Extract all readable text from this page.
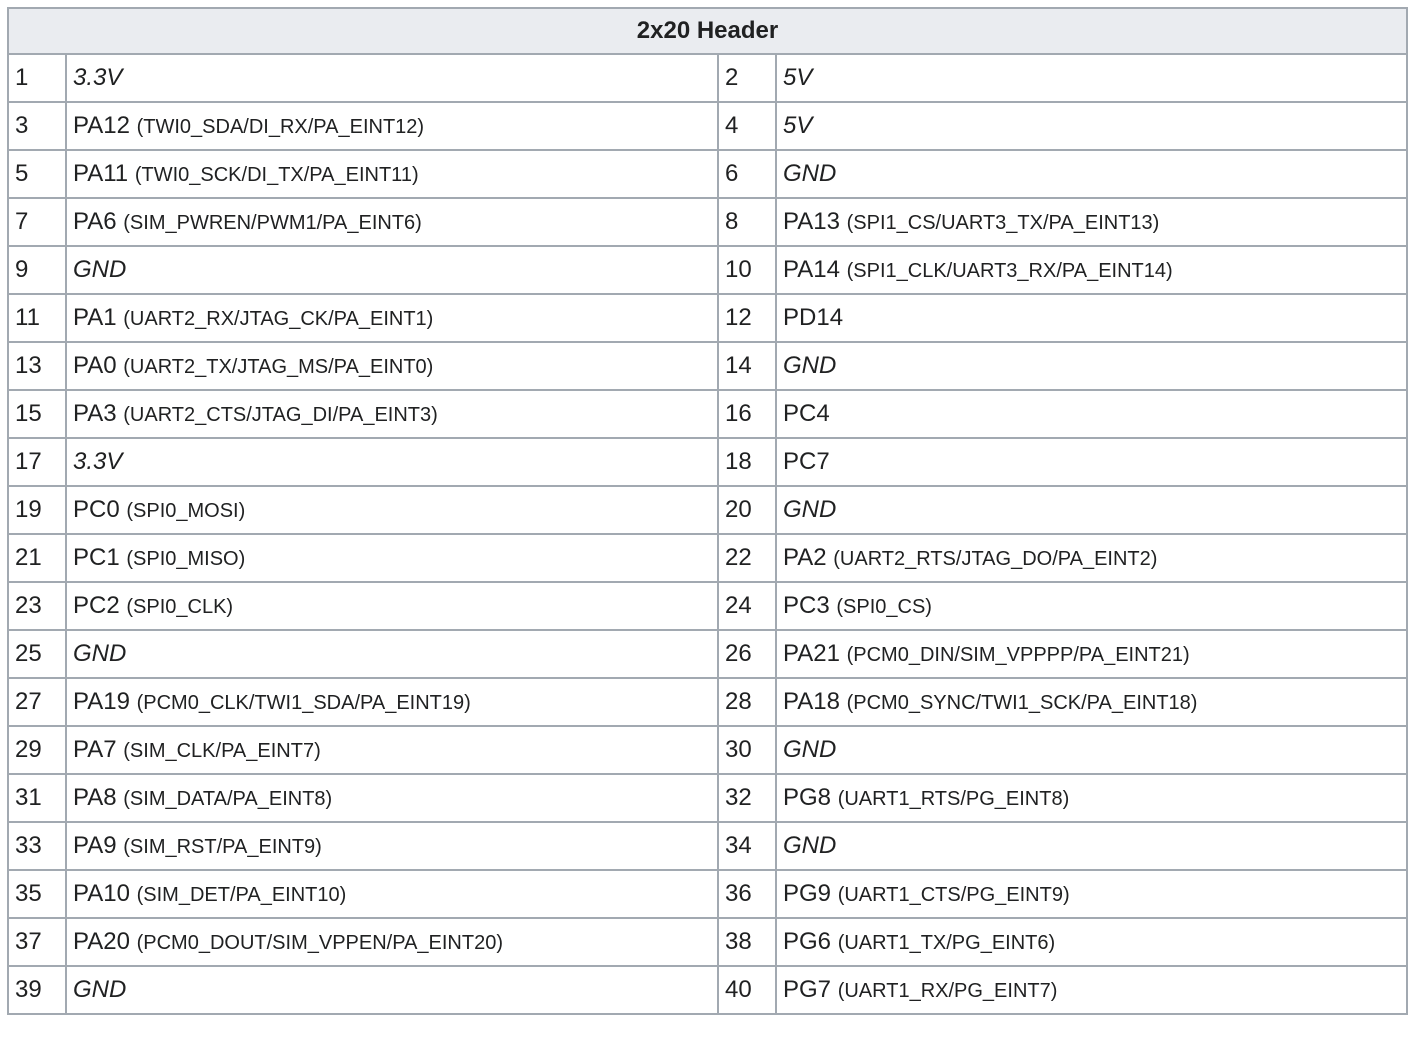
2x20 Header			
1	3.3V	2	5V
3	PA12 (TWI0_SDA/DI_RX/PA_EINT12)	4	5V
5	PA11 (TWI0_SCK/DI_TX/PA_EINT11)	6	GND
7	PA6 (SIM_PWREN/PWM1/PA_EINT6)	8	PA13 (SPI1_CS/UART3_TX/PA_EINT13)
9	GND	10	PA14 (SPI1_CLK/UART3_RX/PA_EINT14)
11	PA1 (UART2_RX/JTAG_CK/PA_EINT1)	12	PD14
13	PA0 (UART2_TX/JTAG_MS/PA_EINT0)	14	GND
15	PA3 (UART2_CTS/JTAG_DI/PA_EINT3)	16	PC4
17	3.3V	18	PC7
19	PC0 (SPI0_MOSI)	20	GND
21	PC1 (SPI0_MISO)	22	PA2 (UART2_RTS/JTAG_DO/PA_EINT2)
23	PC2 (SPI0_CLK)	24	PC3 (SPI0_CS)
25	GND	26	PA21 (PCM0_DIN/SIM_VPPPP/PA_EINT21)
27	PA19 (PCM0_CLK/TWI1_SDA/PA_EINT19)	28	PA18 (PCM0_SYNC/TWI1_SCK/PA_EINT18)
29	PA7 (SIM_CLK/PA_EINT7)	30	GND
31	PA8 (SIM_DATA/PA_EINT8)	32	PG8 (UART1_RTS/PG_EINT8)
33	PA9 (SIM_RST/PA_EINT9)	34	GND
35	PA10 (SIM_DET/PA_EINT10)	36	PG9 (UART1_CTS/PG_EINT9)
37	PA20 (PCM0_DOUT/SIM_VPPEN/PA_EINT20)	38	PG6 (UART1_TX/PG_EINT6)
39	GND	40	PG7 (UART1_RX/PG_EINT7)
